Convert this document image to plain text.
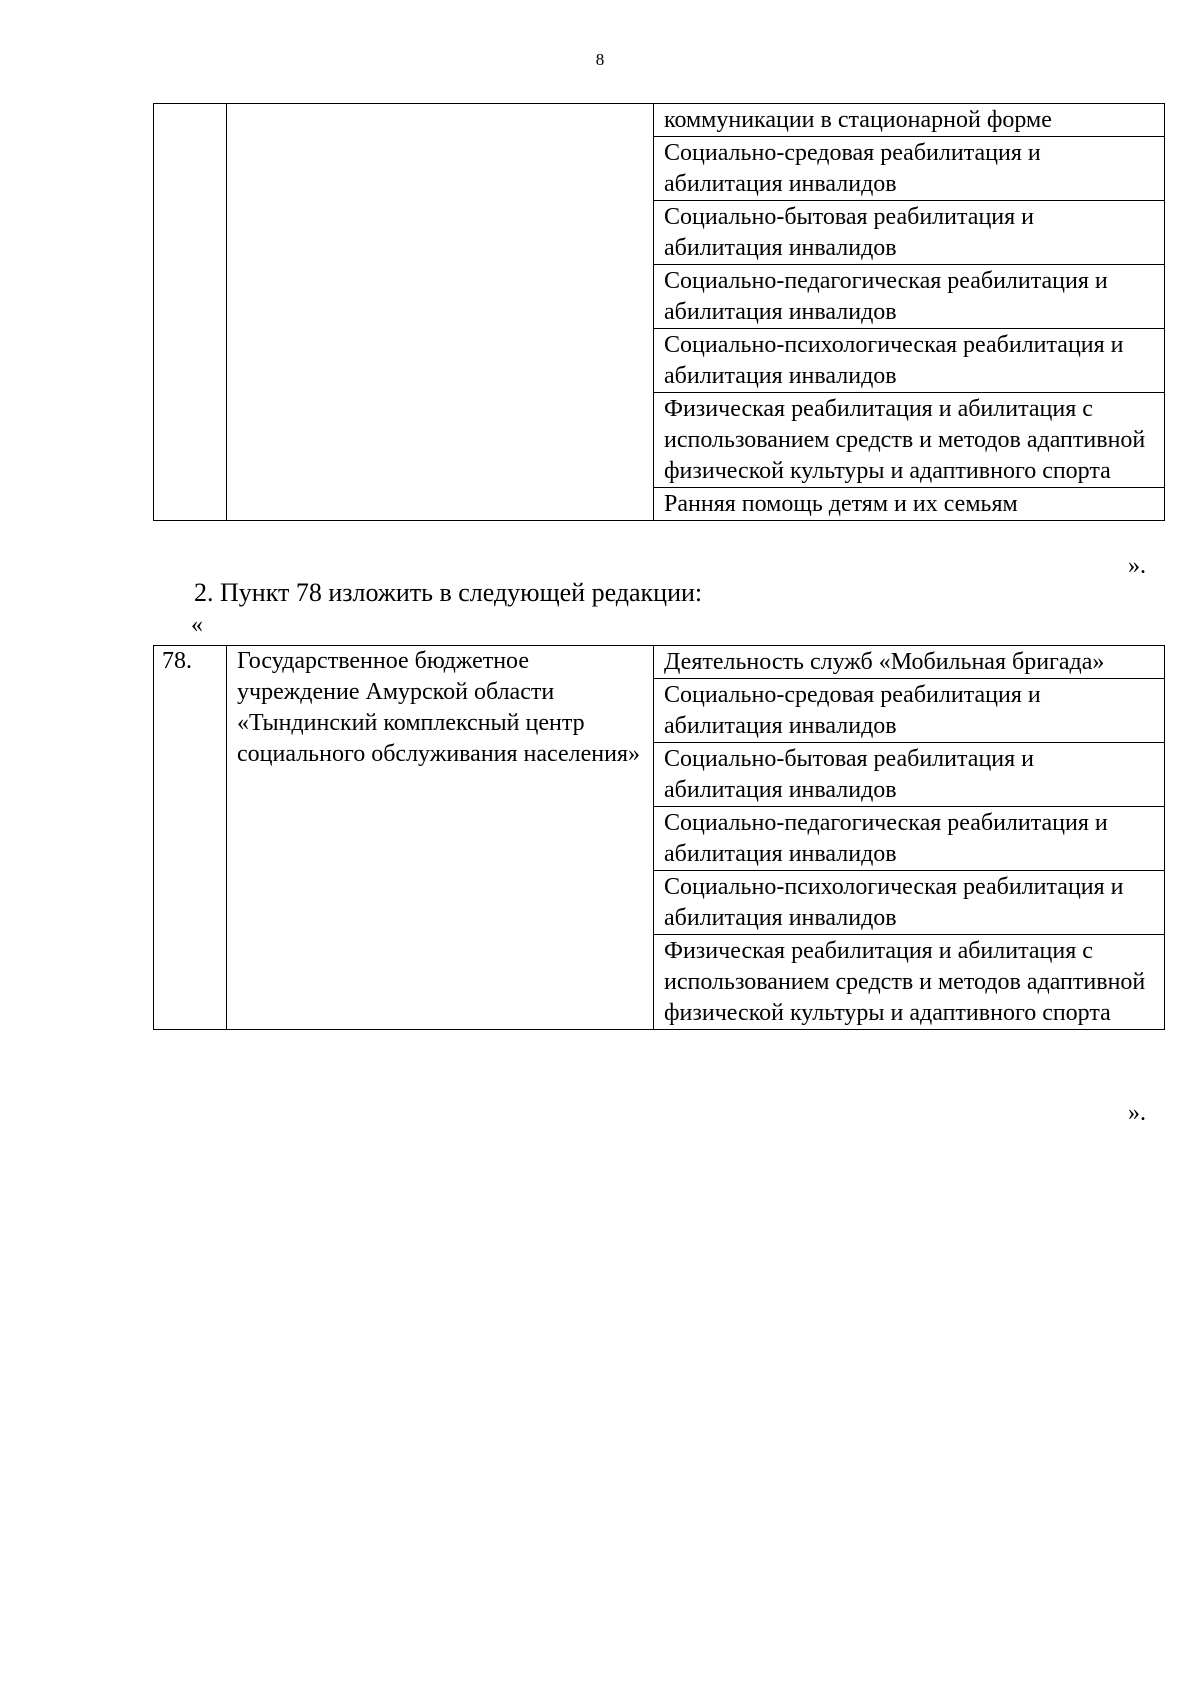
8
		коммуникации в стационарной форме
Социально-средовая реабилитация и абилитация инвалидов
Социально-бытовая реабилитация и абилитация инвалидов
Социально-педагогическая реабилитация и абилитация инвалидов
Социально-психологическая реабилитация и абилитация инвалидов
Физическая реабилитация и абилитация с использованием средств и методов адаптивной физической культуры и адаптивного спорта
Ранняя помощь детям и их семьям
».
2. Пункт 78 изложить в следующей редакции:
«
78.	Государственное бюджетное учреждение Амурской области «Тындинский комплексный центр социального обслуживания населения»	Деятельность служб «Мобильная бригада»
Социально-средовая реабилитация и абилитация инвалидов
Социально-бытовая реабилитация и абилитация инвалидов
Социально-педагогическая реабилитация и абилитация инвалидов
Социально-психологическая реабилитация и абилитация инвалидов
Физическая реабилитация и абилитация с использованием средств и методов адаптивной физической культуры и адаптивного спорта
».
